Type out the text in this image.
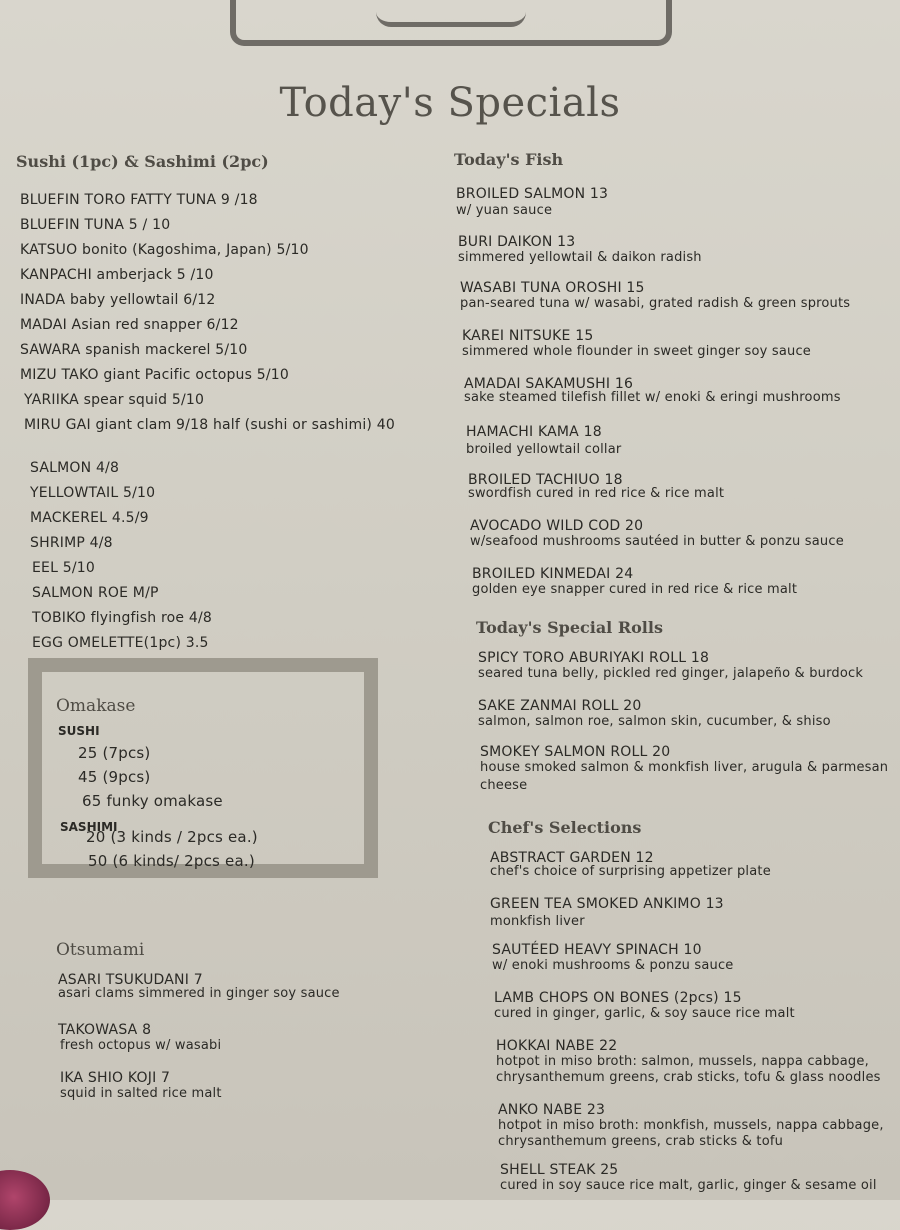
Today's Specials
Sushi (1pc) & Sashimi (2pc)
BLUEFIN TORO FATTY TUNA 9 /18
BLUEFIN TUNA 5 / 10
KATSUO bonito (Kagoshima, Japan) 5/10
KANPACHI amberjack 5 /10
INADA baby yellowtail 6/12
MADAI Asian red snapper 6/12
SAWARA spanish mackerel 5/10
MIZU TAKO giant Pacific octopus 5/10
YARIIKA spear squid 5/10
MIRU GAI giant clam 9/18 half (sushi or sashimi) 40
SALMON 4/8
YELLOWTAIL 5/10
MACKEREL 4.5/9
SHRIMP 4/8
EEL 5/10
SALMON ROE M/P
TOBIKO flyingfish roe 4/8
EGG OMELETTE(1pc) 3.5
Omakase
SUSHI
25 (7pcs)
45 (9pcs)
65 funky omakase
SASHIMI
20 (3 kinds / 2pcs ea.)
50 (6 kinds/ 2pcs ea.)
Otsumami
ASARI TSUKUDANI 7
asari clams simmered in ginger soy sauce
TAKOWASA 8
fresh octopus w/ wasabi
IKA SHIO KOJI 7
squid in salted rice malt
Today's Fish
BROILED SALMON 13
w/ yuan sauce
BURI DAIKON 13
simmered yellowtail & daikon radish
WASABI TUNA OROSHI 15
pan-seared tuna w/ wasabi, grated radish & green sprouts
KAREI NITSUKE 15
simmered whole flounder in sweet ginger soy sauce
AMADAI SAKAMUSHI 16
sake steamed tilefish fillet w/ enoki & eringi mushrooms
HAMACHI KAMA 18
broiled yellowtail collar
BROILED TACHIUO 18
swordfish cured in red rice & rice malt
AVOCADO WILD COD 20
w/seafood mushrooms sautéed in butter & ponzu sauce
BROILED KINMEDAI 24
golden eye snapper cured in red rice & rice malt
Today's Special Rolls
SPICY TORO ABURIYAKI ROLL 18
seared tuna belly, pickled red ginger, jalapeño & burdock
SAKE ZANMAI ROLL 20
salmon, salmon roe, salmon skin, cucumber, & shiso
SMOKEY SALMON ROLL 20
house smoked salmon & monkfish liver, arugula & parmesan
cheese
Chef's Selections
ABSTRACT GARDEN 12
chef's choice of surprising appetizer plate
GREEN TEA SMOKED ANKIMO 13
monkfish liver
SAUTÉED HEAVY SPINACH 10
w/ enoki mushrooms & ponzu sauce
LAMB CHOPS ON BONES (2pcs) 15
cured in ginger, garlic, & soy sauce rice malt
HOKKAI NABE 22
hotpot in miso broth: salmon, mussels, nappa cabbage,
chrysanthemum greens, crab sticks, tofu & glass noodles
ANKO NABE 23
hotpot in miso broth: monkfish, mussels, nappa cabbage,
chrysanthemum greens, crab sticks & tofu
SHELL STEAK 25
cured in soy sauce rice malt, garlic, ginger & sesame oil
